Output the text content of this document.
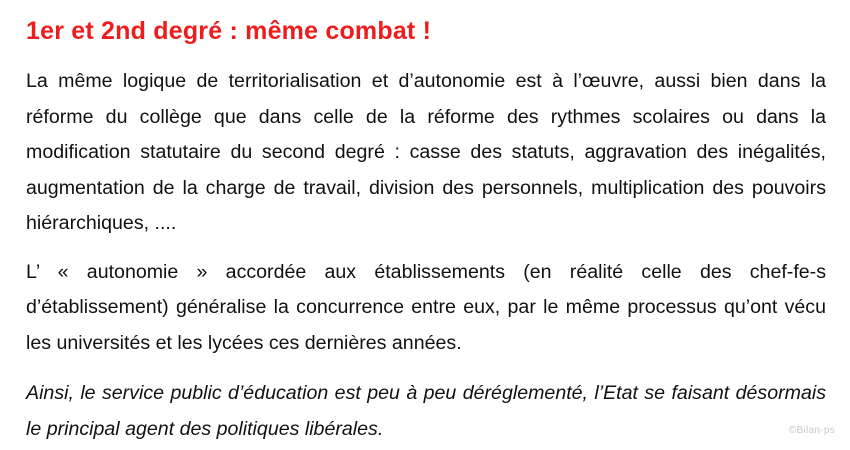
1er et 2nd degré : même combat !

La même logique de territorialisation et d’autonomie est à l’œuvre, aussi bien dans la réforme du collège que dans celle de la réforme des rythmes scolaires ou dans la modification statutaire du second degré : casse des statuts, aggravation des inégalités, augmentation de la charge de travail, division des personnels, multiplication des pouvoirs hiérarchiques, ....

L’ « autonomie » accordée aux établissements (en réalité celle des chef-fe-s d’établissement) généralise la concurrence entre eux, par le même processus qu’ont vécu les universités et les lycées ces dernières années.

Ainsi, le service public d’éducation est peu à peu déréglementé, l’Etat se faisant désormais le principal agent des politiques libérales.	©Bilan-ps
